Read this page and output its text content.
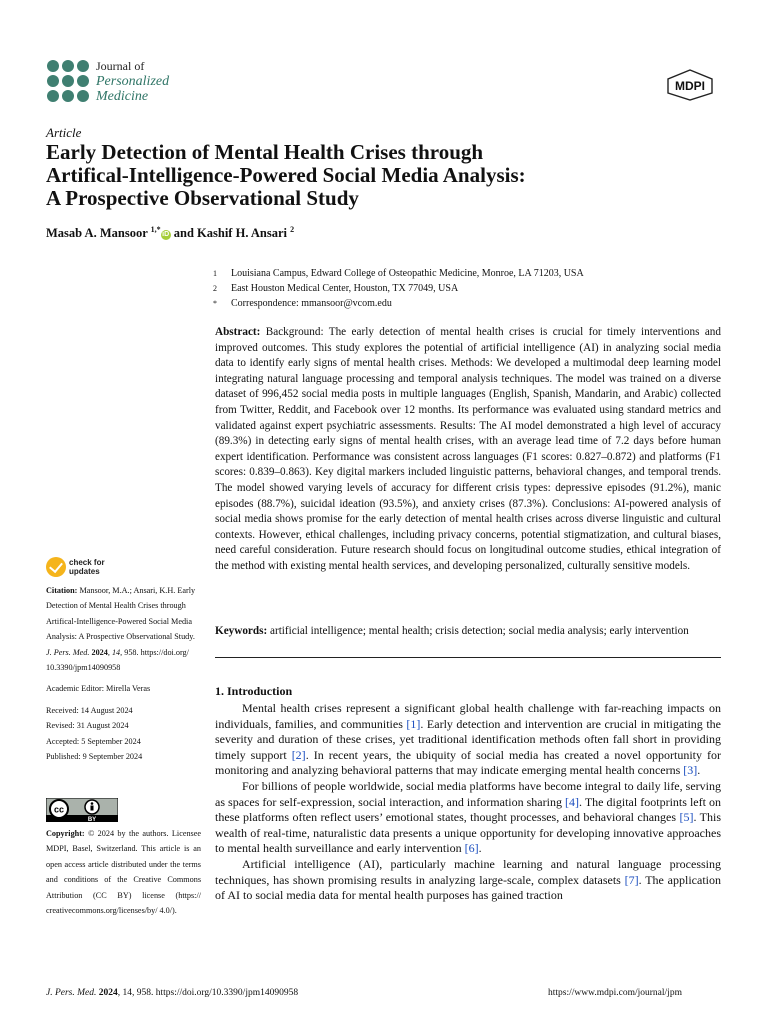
Journal of
Personalized
Medicine
MDPI
Article
Early Detection of Mental Health Crises through
Artifical-Intelligence-Powered Social Media Analysis:
A Prospective Observational Study
Masab A. Mansoor $^{1,*}$iD and Kashif H. Ansari $^2$
1	Louisiana Campus, Edward College of Osteopathic Medicine, Monroe, LA 71203, USA
2	East Houston Medical Center, Houston, TX 77049, USA
*	Correspondence: mmansoor@vcom.edu
Abstract: Background: The early detection of mental health crises is crucial for timely interventions and improved outcomes. This study explores the potential of artificial intelligence (AI) in analyzing social media data to identify early signs of mental health crises. Methods: We developed a multimodal deep learning model integrating natural language processing and temporal analysis techniques. The model was trained on a diverse dataset of 996,452 social media posts in multiple languages (English, Spanish, Mandarin, and Arabic) collected from Twitter, Reddit, and Facebook over 12 months. Its performance was evaluated using standard metrics and validated against expert psychiatric assessments. Results: The AI model demonstrated a high level of accuracy (89.3%) in detecting early signs of mental health crises, with an average lead time of 7.2 days before human expert identification. Performance was consistent across languages (F1 scores: 0.827–0.872) and platforms (F1 scores: 0.839–0.863). Key digital markers included linguistic patterns, behavioral changes, and temporal trends. The model showed varying levels of accuracy for different crisis types: depressive episodes (91.2%), manic episodes (88.7%), suicidal ideation (93.5%), and anxiety crises (87.3%). Conclusions: AI-powered analysis of social media shows promise for the early detection of mental health crises across diverse linguistic and cultural contexts. However, ethical challenges, including privacy concerns, potential stigmatization, and cultural biases, need careful consideration. Future research should focus on longitudinal outcome studies, ethical integration of the method with existing mental health services, and developing personalized, culturally sensitive models.
Keywords: artificial intelligence; mental health; crisis detection; social media analysis; early intervention
1. Introduction

Mental health crises represent a significant global health challenge with far-reaching impacts on individuals, families, and communities [1]. Early detection and intervention are crucial in mitigating the severity and duration of these crises, yet traditional identification methods often fall short in providing timely support [2]. In recent years, the ubiquity of social media has created a novel opportunity for monitoring and analyzing behavioral patterns that may indicate emerging mental health concerns [3].

For billions of people worldwide, social media platforms have become integral to daily life, serving as spaces for self-expression, social interaction, and information sharing [4]. The digital footprints left on these platforms often reflect users’ emotional states, thought processes, and behavioral changes [5]. This wealth of real-time, naturalistic data presents a unique opportunity for developing innovative approaches to mental health surveillance and early intervention [6].

Artificial intelligence (AI), particularly machine learning and natural language processing techniques, has shown promising results in analyzing large-scale, complex datasets [7]. The application of AI to social media data for mental health purposes has gained traction

check for
updates

Citation: Mansoor, M.A.; Ansari, K.H. Early Detection of Mental Health Crises through Artifical-Intelligence-Powered Social Media Analysis: A Prospective Observational Study. J. Pers. Med. 2024, 14, 958. https://doi.org/ 10.3390/jpm14090958

Academic Editor: Mirella Veras

Received: 14 August 2024

Revised: 31 August 2024

Accepted: 5 September 2024

Published: 9 September 2024

cc
BY
Copyright: © 2024 by the authors. Licensee MDPI, Basel, Switzerland. This article is an open access article distributed under the terms and conditions of the Creative Commons Attribution (CC BY) license (https:// creativecommons.org/licenses/by/ 4.0/).
J. Pers. Med. 2024, 14, 958. https://doi.org/10.3390/jpm14090958	https://www.mdpi.com/journal/jpm
